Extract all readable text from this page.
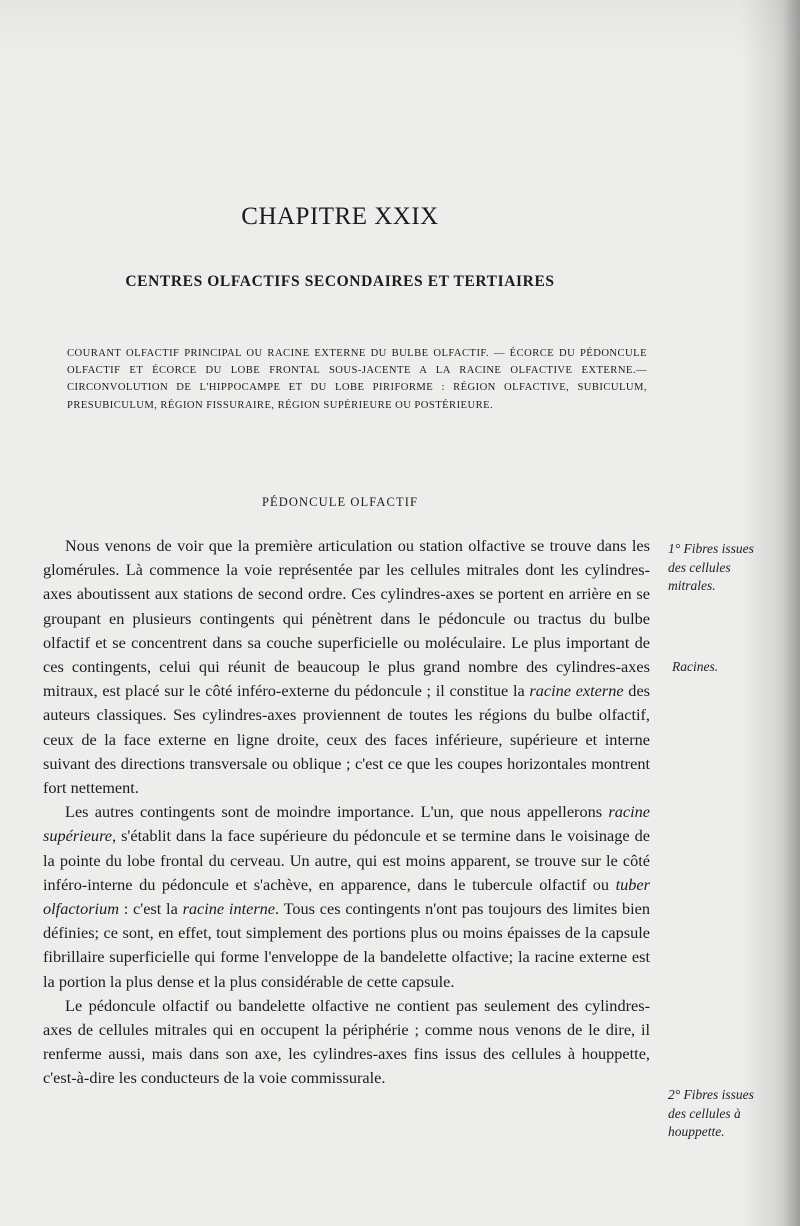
CHAPITRE XXIX
CENTRES OLFACTIFS SECONDAIRES ET TERTIAIRES

COURANT OLFACTIF PRINCIPAL OU RACINE EXTERNE DU BULBE OLFACTIF. — ÉCORCE DU PÉDONCULE OLFACTIF ET ÉCORCE DU LOBE FRONTAL SOUS-JACENTE A LA RACINE OLFACTIVE EXTERNE.— CIRCONVOLUTION DE L'HIPPOCAMPE ET DU LOBE PIRIFORME : RÉGION OLFACTIVE, SUBICULUM, PRESUBICULUM, RÉGION FISSURAIRE, RÉGION SUPÉRIEURE OU POSTÉRIEURE.

PÉDONCULE OLFACTIF

Nous venons de voir que la première articulation ou station olfactive se trouve dans les glomérules. Là commence la voie représentée par les cellules mitrales dont les cylindres-axes aboutissent aux stations de second ordre. Ces cylindres-axes se portent en arrière en se groupant en plusieurs contingents qui pénètrent dans le pédoncule ou tractus du bulbe olfactif et se concentrent dans sa couche superficielle ou moléculaire. Le plus important de ces contingents, celui qui réunit de beaucoup le plus grand nombre des cylindres-axes mitraux, est placé sur le côté inféro-externe du pédoncule ; il constitue la racine externe des auteurs classiques. Ses cylindres-axes proviennent de toutes les régions du bulbe olfactif, ceux de la face externe en ligne droite, ceux des faces inférieure, supérieure et interne suivant des directions transversale ou oblique ; c'est ce que les coupes horizontales montrent fort nettement.

Les autres contingents sont de moindre importance. L'un, que nous appellerons racine supérieure, s'établit dans la face supérieure du pédoncule et se termine dans le voisinage de la pointe du lobe frontal du cerveau. Un autre, qui est moins apparent, se trouve sur le côté inféro-interne du pédoncule et s'achève, en apparence, dans le tubercule olfactif ou tuber olfactorium : c'est la racine interne. Tous ces contingents n'ont pas toujours des limites bien définies; ce sont, en effet, tout simplement des portions plus ou moins épaisses de la capsule fibrillaire superficielle qui forme l'enveloppe de la bandelette olfactive; la racine externe est la portion la plus dense et la plus considérable de cette capsule.

Le pédoncule olfactif ou bandelette olfactive ne contient pas seulement des cylindres-axes de cellules mitrales qui en occupent la périphérie ; comme nous venons de le dire, il renferme aussi, mais dans son axe, les cylindres-axes fins issus des cellules à houppette, c'est-à-dire les conducteurs de la voie commissurale.

1° Fibres issues des cellules mitrales.
Racines.
2° Fibres issues des cellules à houppette.
